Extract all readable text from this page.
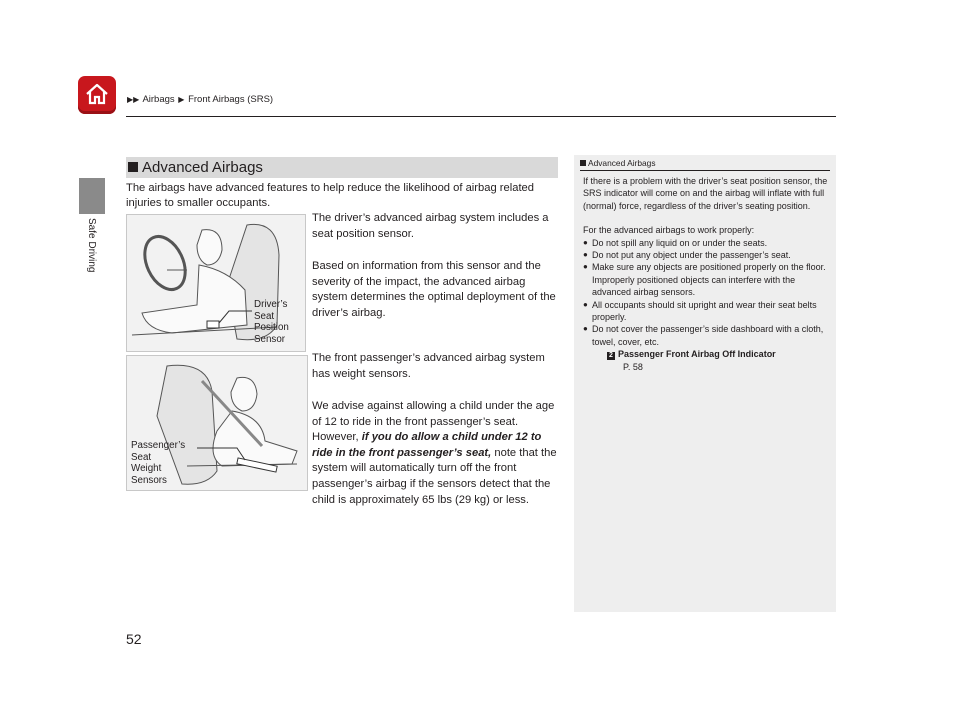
Safe Driving
▶▶ Airbags ▶ Front Airbags (SRS)
Advanced Airbags
The airbags have advanced features to help reduce the likelihood of airbag related injuries to smaller occupants.
Driver’s
Seat
Position
Sensor
Passenger’s
Seat
Weight
Sensors

The driver’s advanced airbag system includes a seat position sensor.

Based on information from this sensor and the severity of the impact, the advanced airbag system determines the optimal deployment of the driver’s airbag.

The front passenger’s advanced airbag system has weight sensors.

We advise against allowing a child under the age of 12 to ride in the front passenger’s seat. However, if you do allow a child under 12 to ride in the front passenger’s seat, note that the system will automatically turn off the front passenger’s airbag if the sensors detect that the child is approximately 65 lbs (29 kg) or less.

Advanced Airbags

If there is a problem with the driver’s seat position sensor, the SRS indicator will come on and the airbag will inflate with full (normal) force, regardless of the driver’s seating position.

For the advanced airbags to work properly:
● Do not spill any liquid on or under the seats.
● Do not put any object under the passenger’s seat.
● Make sure any objects are positioned properly on the floor. Improperly positioned objects can interfere with the advanced airbag sensors.
● All occupants should sit upright and wear their seat belts properly.
● Do not cover the passenger’s side dashboard with a cloth, towel, cover, etc.
2 Passenger Front Airbag Off Indicator
P. 58
52
